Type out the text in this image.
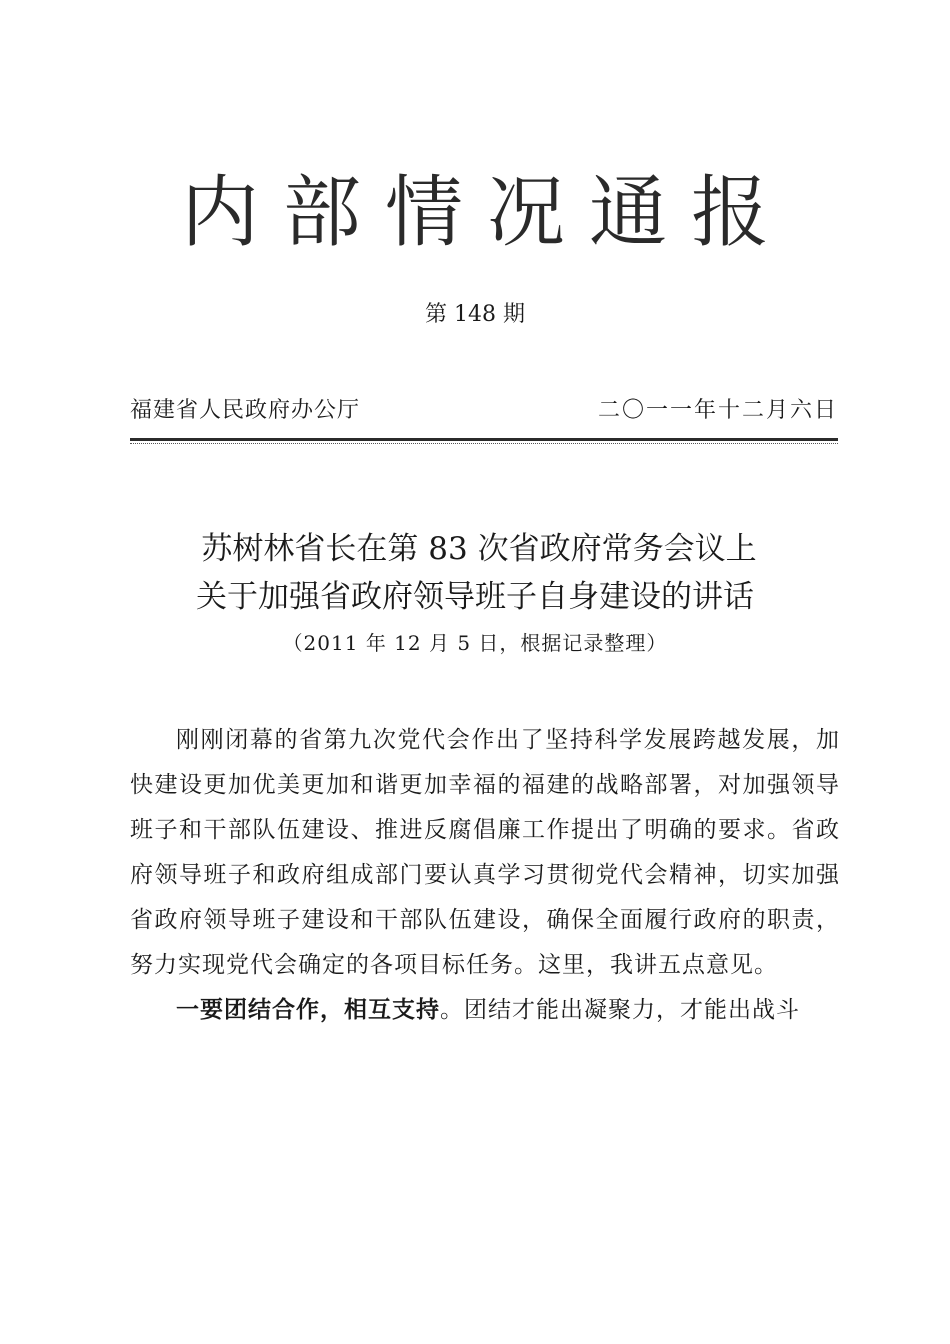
内部情况通报
第 148 期
福建省人民政府办公厅	二〇一一年十二月六日
苏树林省长在第 83 次省政府常务会议上
关于加强省政府领导班子自身建设的讲话
（2011 年 12 月 5 日，根据记录整理）

刚刚闭幕的省第九次党代会作出了坚持科学发展跨越发展，加快建设更加优美更加和谐更加幸福的福建的战略部署，对加强领导班子和干部队伍建设、推进反腐倡廉工作提出了明确的要求。省政府领导班子和政府组成部门要认真学习贯彻党代会精神，切实加强省政府领导班子建设和干部队伍建设，确保全面履行政府的职责，努力实现党代会确定的各项目标任务。这里，我讲五点意见。

一要团结合作，相互支持。团结才能出凝聚力，才能出战斗
